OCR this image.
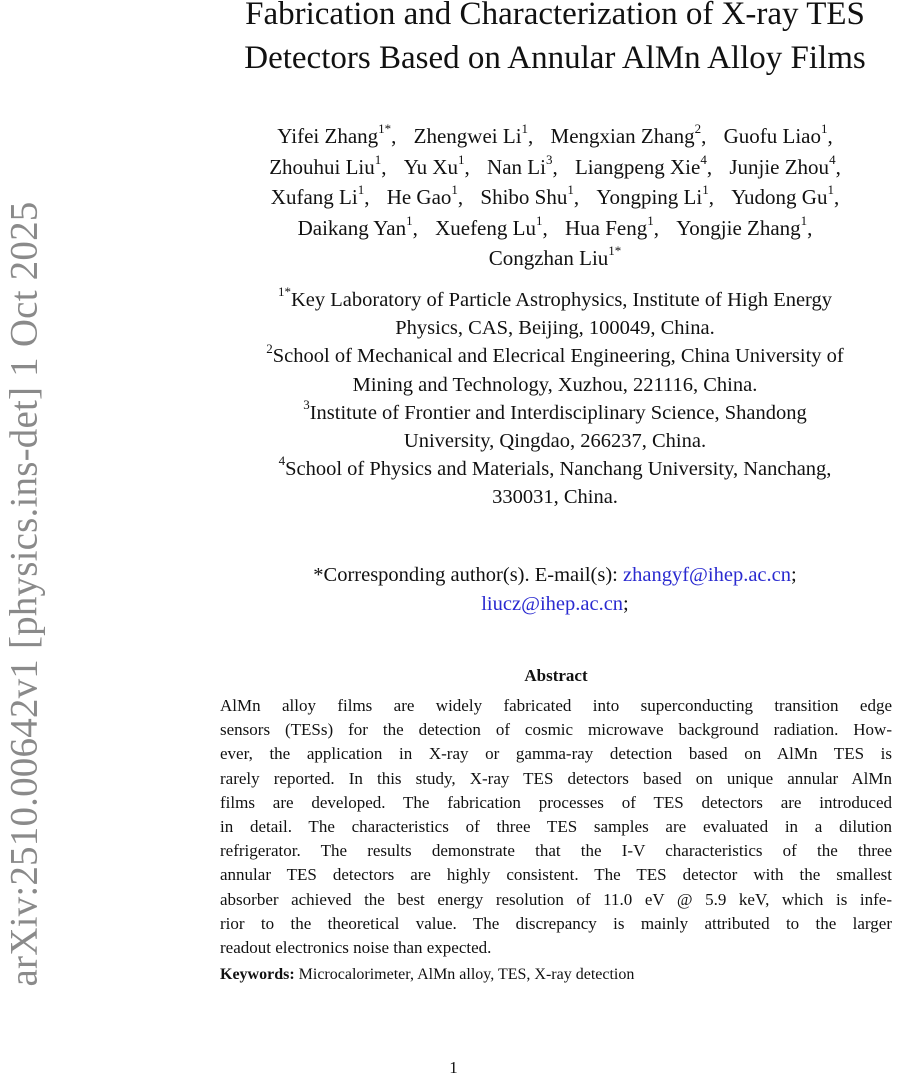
arXiv:2510.00642v1 [physics.ins-det] 1 Oct 2025
Fabrication and Characterization of X-ray TES
Detectors Based on Annular AlMn Alloy Films
Yifei Zhang$^{1*}$, Zhengwei Li$^1$, Mengxian Zhang$^2$, Guofu Liao$^1$,
Zhouhui Liu$^1$, Yu Xu$^1$, Nan Li$^3$, Liangpeng Xie$^4$, Junjie Zhou$^4$,
Xufang Li$^1$, He Gao$^1$, Shibo Shu$^1$, Yongping Li$^1$, Yudong Gu$^1$,
Daikang Yan$^1$, Xuefeng Lu$^1$, Hua Feng$^1$, Yongjie Zhang$^1$,
Congzhan Liu$^{1*}$
$^{1*}$Key Laboratory of Particle Astrophysics, Institute of High Energy
Physics, CAS, Beijing, 100049, China.
$^2$School of Mechanical and Elecrical Engineering, China University of
Mining and Technology, Xuzhou, 221116, China.
$^3$Institute of Frontier and Interdisciplinary Science, Shandong
University, Qingdao, 266237, China.
$^4$School of Physics and Materials, Nanchang University, Nanchang,
330031, China.
*Corresponding author(s). E-mail(s): zhangyf@ihep.ac.cn;
liucz@ihep.ac.cn;
Abstract
AlMn alloy films are widely fabricated into superconducting transition edge
sensors (TESs) for the detection of cosmic microwave background radiation. How-
ever, the application in X-ray or gamma-ray detection based on AlMn TES is
rarely reported. In this study, X-ray TES detectors based on unique annular AlMn
films are developed. The fabrication processes of TES detectors are introduced
in detail. The characteristics of three TES samples are evaluated in a dilution
refrigerator. The results demonstrate that the I-V characteristics of the three
annular TES detectors are highly consistent. The TES detector with the smallest
absorber achieved the best energy resolution of 11.0 eV @ 5.9 keV, which is infe-
rior to the theoretical value. The discrepancy is mainly attributed to the larger
readout electronics noise than expected.
Keywords: Microcalorimeter, AlMn alloy, TES, X-ray detection
1
